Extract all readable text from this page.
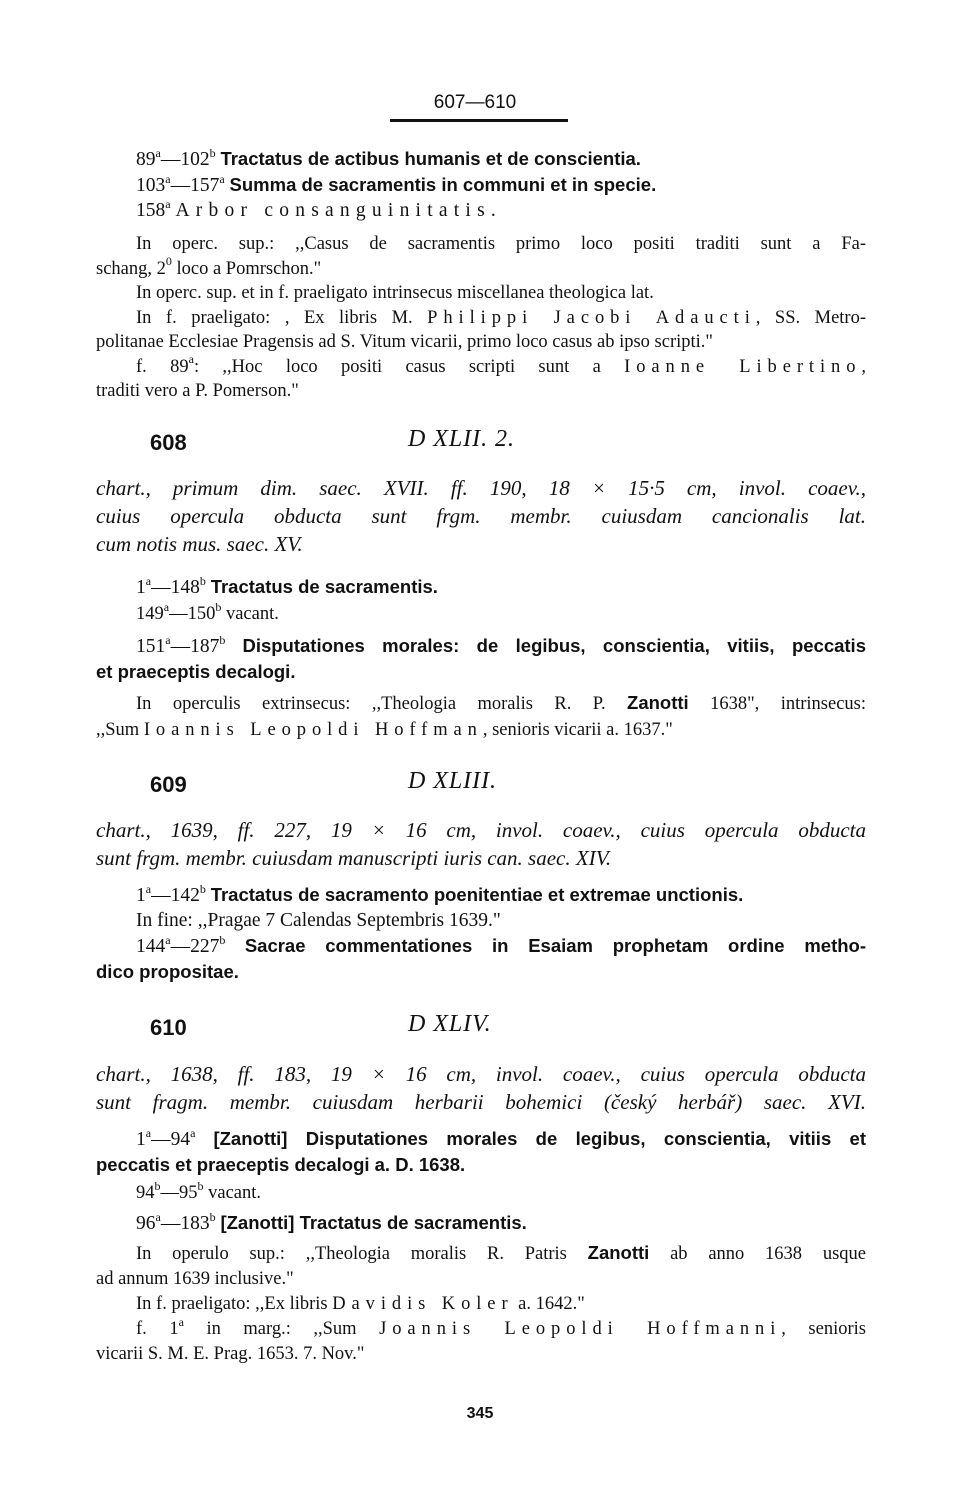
607—610
89$^a$—102$^b$ Tractatus de actibus humanis et de conscientia.
103$^a$—157$^a$ Summa de sacramentis in communi et in specie.
158$^a$ Arbor consanguinitatis.
In operc. sup.: ,,Casus de sacramentis primo loco positi traditi sunt a Fa-
schang, $2^0$ loco a Pomrschon."
In operc. sup. et in f. praeligato intrinsecus miscellanea theologica lat.
In f. praeligato: , Ex libris M. Philippi Jacobi Adaucti, SS. Metro-
politanae Ecclesiae Pragensis ad S. Vitum vicarii, primo loco casus ab ipso scripti."
f. 89$^a$: ,,Hoc loco positi casus scripti sunt a Ioanne Libertino,
traditi vero a P. Pomerson."
608	D XLII. 2.
chart., primum dim. saec. XVII. ff. 190, 18 × 15·5 cm, invol. coaev.,
cuius opercula obducta sunt frgm. membr. cuiusdam cancionalis lat.
cum notis mus. saec. XV.
1$^a$—148$^b$ Tractatus de sacramentis.
149$^a$—150$^b$ vacant.
151$^a$—187$^b$ Disputationes morales: de legibus, conscientia, vitiis, peccatis
et praeceptis decalogi.
In operculis extrinsecus: ,,Theologia moralis R. P. Zanotti 1638", intrinsecus:
,,Sum Ioannis Leopoldi Hoffman, senioris vicarii a. 1637."
609	D XLIII.
chart., 1639, ff. 227, 19 × 16 cm, invol. coaev., cuius opercula obducta
sunt frgm. membr. cuiusdam manuscripti iuris can. saec. XIV.
1$^a$—142$^b$ Tractatus de sacramento poenitentiae et extremae unctionis.
In fine: ,,Pragae 7 Calendas Septembris 1639."
144$^a$—227$^b$ Sacrae commentationes in Esaiam prophetam ordine metho-
dico propositae.
610	D XLIV.
chart., 1638, ff. 183, 19 × 16 cm, invol. coaev., cuius opercula obducta
sunt fragm. membr. cuiusdam herbarii bohemici (český herbář) saec. XVI.
1$^a$—94$^a$ [Zanotti] Disputationes morales de legibus, conscientia, vitiis et
peccatis et praeceptis decalogi a. D. 1638.
94$^b$—95$^b$ vacant.
96$^a$—183$^b$ [Zanotti] Tractatus de sacramentis.
In operulo sup.: ,,Theologia moralis R. Patris Zanotti ab anno 1638 usque
ad annum 1639 inclusive."
In f. praeligato: ,,Ex libris Davidis Koler a. 1642."
f. 1$^a$ in marg.: ,,Sum Joannis Leopoldi Hoffmanni, senioris
vicarii S. M. E. Prag. 1653. 7. Nov."
345
